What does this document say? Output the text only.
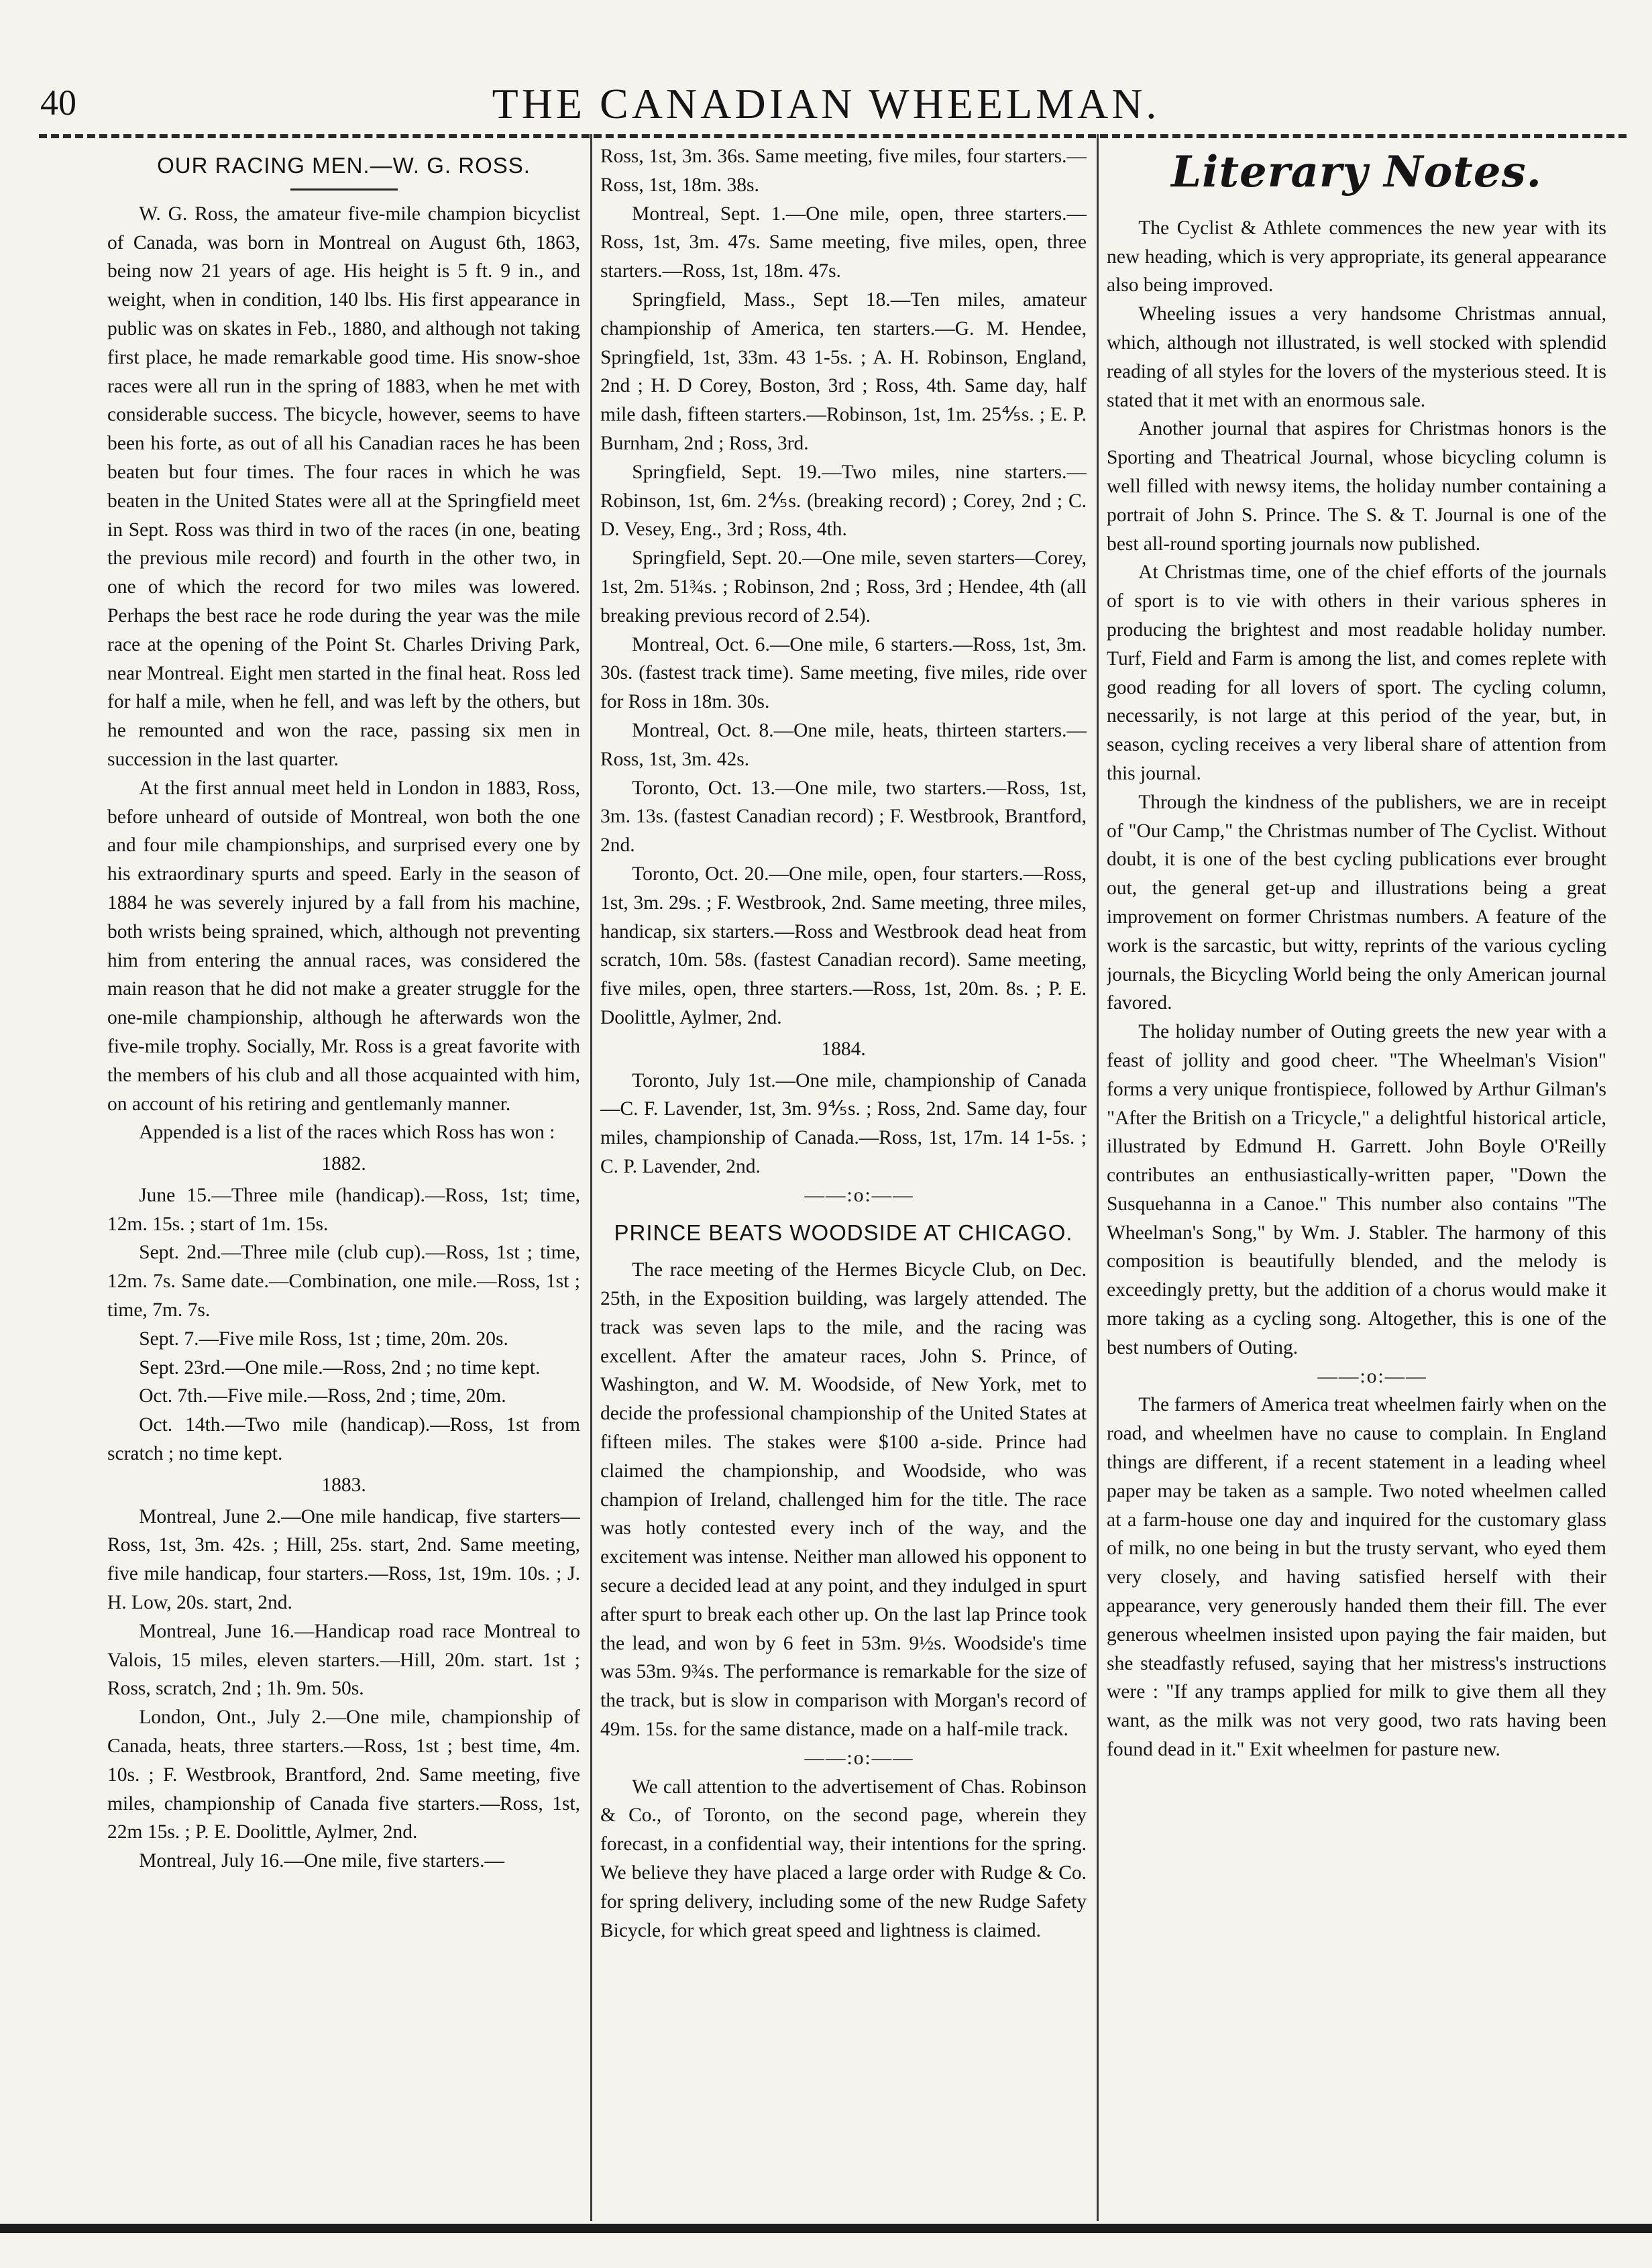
40	THE CANADIAN WHEELMAN.
OUR RACING MEN.—W. G. ROSS.

W. G. Ross, the amateur five-mile champion bicyclist of Canada, was born in Montreal on August 6th, 1863, being now 21 years of age. His height is 5 ft. 9 in., and weight, when in condition, 140 lbs. His first appearance in public was on skates in Feb., 1880, and although not taking first place, he made remarkable good time. His snow-shoe races were all run in the spring of 1883, when he met with considerable success. The bicycle, however, seems to have been his forte, as out of all his Canadian races he has been beaten but four times. The four races in which he was beaten in the United States were all at the Springfield meet in Sept. Ross was third in two of the races (in one, beating the previous mile record) and fourth in the other two, in one of which the record for two miles was lowered. Perhaps the best race he rode during the year was the mile race at the opening of the Point St. Charles Driving Park, near Montreal. Eight men started in the final heat. Ross led for half a mile, when he fell, and was left by the others, but he remounted and won the race, passing six men in succession in the last quarter.

At the first annual meet held in London in 1883, Ross, before unheard of outside of Montreal, won both the one and four mile championships, and surprised every one by his extraordinary spurts and speed. Early in the season of 1884 he was severely injured by a fall from his machine, both wrists being sprained, which, although not preventing him from entering the annual races, was considered the main reason that he did not make a greater struggle for the one-mile championship, although he afterwards won the five-mile trophy. Socially, Mr. Ross is a great favorite with the members of his club and all those acquainted with him, on account of his retiring and gentlemanly manner.

Appended is a list of the races which Ross has won :

1882.

June 15.—Three mile (handicap).—Ross, 1st; time, 12m. 15s. ; start of 1m. 15s.

Sept. 2nd.—Three mile (club cup).—Ross, 1st ; time, 12m. 7s. Same date.—Combination, one mile.—Ross, 1st ; time, 7m. 7s.

Sept. 7.—Five mile Ross, 1st ; time, 20m. 20s.

Sept. 23rd.—One mile.—Ross, 2nd ; no time kept.

Oct. 7th.—Five mile.—Ross, 2nd ; time, 20m.

Oct. 14th.—Two mile (handicap).—Ross, 1st from scratch ; no time kept.

1883.

Montreal, June 2.—One mile handicap, five starters—Ross, 1st, 3m. 42s. ; Hill, 25s. start, 2nd. Same meeting, five mile handicap, four starters.—Ross, 1st, 19m. 10s. ; J. H. Low, 20s. start, 2nd.

Montreal, June 16.—Handicap road race Montreal to Valois, 15 miles, eleven starters.—Hill, 20m. start. 1st ; Ross, scratch, 2nd ; 1h. 9m. 50s.

London, Ont., July 2.—One mile, championship of Canada, heats, three starters.—Ross, 1st ; best time, 4m. 10s. ; F. Westbrook, Brantford, 2nd. Same meeting, five miles, championship of Canada five starters.—Ross, 1st, 22m 15s. ; P. E. Doolittle, Aylmer, 2nd.

Montreal, July 16.—One mile, five starters.—

Ross, 1st, 3m. 36s. Same meeting, five miles, four starters.—Ross, 1st, 18m. 38s.

Montreal, Sept. 1.—One mile, open, three starters.—Ross, 1st, 3m. 47s. Same meeting, five miles, open, three starters.—Ross, 1st, 18m. 47s.

Springfield, Mass., Sept 18.—Ten miles, amateur championship of America, ten starters.—G. M. Hendee, Springfield, 1st, 33m. 43 1-5s. ; A. H. Robinson, England, 2nd ; H. D Corey, Boston, 3rd ; Ross, 4th. Same day, half mile dash, fifteen starters.—Robinson, 1st, 1m. 25⅘s. ; E. P. Burnham, 2nd ; Ross, 3rd.

Springfield, Sept. 19.—Two miles, nine starters.—Robinson, 1st, 6m. 2⅘s. (breaking record) ; Corey, 2nd ; C. D. Vesey, Eng., 3rd ; Ross, 4th.

Springfield, Sept. 20.—One mile, seven starters—Corey, 1st, 2m. 51¾s. ; Robinson, 2nd ; Ross, 3rd ; Hendee, 4th (all breaking previous record of 2.54).

Montreal, Oct. 6.—One mile, 6 starters.—Ross, 1st, 3m. 30s. (fastest track time). Same meeting, five miles, ride over for Ross in 18m. 30s.

Montreal, Oct. 8.—One mile, heats, thirteen starters.—Ross, 1st, 3m. 42s.

Toronto, Oct. 13.—One mile, two starters.—Ross, 1st, 3m. 13s. (fastest Canadian record) ; F. Westbrook, Brantford, 2nd.

Toronto, Oct. 20.—One mile, open, four starters.—Ross, 1st, 3m. 29s. ; F. Westbrook, 2nd. Same meeting, three miles, handicap, six starters.—Ross and Westbrook dead heat from scratch, 10m. 58s. (fastest Canadian record). Same meeting, five miles, open, three starters.—Ross, 1st, 20m. 8s. ; P. E. Doolittle, Aylmer, 2nd.

1884.

Toronto, July 1st.—One mile, championship of Canada—C. F. Lavender, 1st, 3m. 9⅘s. ; Ross, 2nd. Same day, four miles, championship of Canada.—Ross, 1st, 17m. 14 1-5s. ; C. P. Lavender, 2nd.

——:o:——

PRINCE BEATS WOODSIDE AT CHICAGO.

The race meeting of the Hermes Bicycle Club, on Dec. 25th, in the Exposition building, was largely attended. The track was seven laps to the mile, and the racing was excellent. After the amateur races, John S. Prince, of Washington, and W. M. Woodside, of New York, met to decide the professional championship of the United States at fifteen miles. The stakes were $100 a-side. Prince had claimed the championship, and Woodside, who was champion of Ireland, challenged him for the title. The race was hotly contested every inch of the way, and the excitement was intense. Neither man allowed his opponent to secure a decided lead at any point, and they indulged in spurt after spurt to break each other up. On the last lap Prince took the lead, and won by 6 feet in 53m. 9½s. Woodside's time was 53m. 9¾s. The performance is remarkable for the size of the track, but is slow in comparison with Morgan's record of 49m. 15s. for the same distance, made on a half-mile track.

——:o:——

We call attention to the advertisement of Chas. Robinson & Co., of Toronto, on the second page, wherein they forecast, in a confidential way, their intentions for the spring. We believe they have placed a large order with Rudge & Co. for spring delivery, including some of the new Rudge Safety Bicycle, for which great speed and lightness is claimed.

Literary Notes.

The Cyclist & Athlete commences the new year with its new heading, which is very appropriate, its general appearance also being improved.

Wheeling issues a very handsome Christmas annual, which, although not illustrated, is well stocked with splendid reading of all styles for the lovers of the mysterious steed. It is stated that it met with an enormous sale.

Another journal that aspires for Christmas honors is the Sporting and Theatrical Journal, whose bicycling column is well filled with newsy items, the holiday number containing a portrait of John S. Prince. The S. & T. Journal is one of the best all-round sporting journals now published.

At Christmas time, one of the chief efforts of the journals of sport is to vie with others in their various spheres in producing the brightest and most readable holiday number. Turf, Field and Farm is among the list, and comes replete with good reading for all lovers of sport. The cycling column, necessarily, is not large at this period of the year, but, in season, cycling receives a very liberal share of attention from this journal.

Through the kindness of the publishers, we are in receipt of "Our Camp," the Christmas number of The Cyclist. Without doubt, it is one of the best cycling publications ever brought out, the general get-up and illustrations being a great improvement on former Christmas numbers. A feature of the work is the sarcastic, but witty, reprints of the various cycling journals, the Bicycling World being the only American journal favored.

The holiday number of Outing greets the new year with a feast of jollity and good cheer. "The Wheelman's Vision" forms a very unique frontispiece, followed by Arthur Gilman's "After the British on a Tricycle," a delightful historical article, illustrated by Edmund H. Garrett. John Boyle O'Reilly contributes an enthusiastically-written paper, "Down the Susquehanna in a Canoe." This number also contains "The Wheelman's Song," by Wm. J. Stabler. The harmony of this composition is beautifully blended, and the melody is exceedingly pretty, but the addition of a chorus would make it more taking as a cycling song. Altogether, this is one of the best numbers of Outing.

——:o:——

The farmers of America treat wheelmen fairly when on the road, and wheelmen have no cause to complain. In England things are different, if a recent statement in a leading wheel paper may be taken as a sample. Two noted wheelmen called at a farm-house one day and inquired for the customary glass of milk, no one being in but the trusty servant, who eyed them very closely, and having satisfied herself with their appearance, very generously handed them their fill. The ever generous wheelmen insisted upon paying the fair maiden, but she steadfastly refused, saying that her mistress's instructions were : "If any tramps applied for milk to give them all they want, as the milk was not very good, two rats having been found dead in it." Exit wheelmen for pasture new.
